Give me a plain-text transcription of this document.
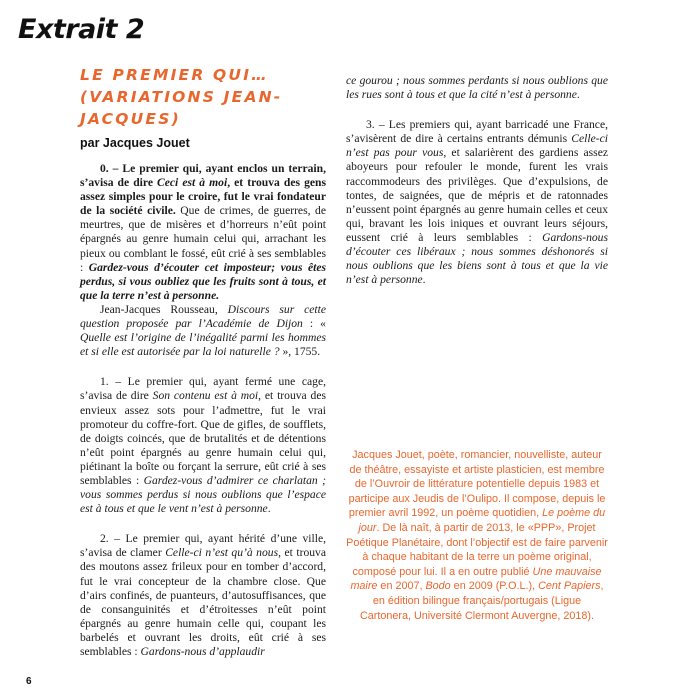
Extrait 2
LE PREMIER QUI…
(VARIATIONS JEAN-JACQUES)
par Jacques Jouet

0. – Le premier qui, ayant enclos un terrain, s’avisa de dire Ceci est à moi, et trouva des gens assez simples pour le croire, fut le vrai fondateur de la société civile. Que de crimes, de guerres, de meurtres, que de misères et d’horreurs n’eût point épargnés au genre humain celui qui, arrachant les pieux ou comblant le fossé, eût crié à ses semblables : Gardez-vous d’écouter cet imposteur; vous êtes perdus, si vous oubliez que les fruits sont à tous, et que la terre n’est à personne.

Jean-Jacques Rousseau, Discours sur cette question proposée par l’Académie de Dijon : « Quelle est l’origine de l’inégalité parmi les hommes et si elle est autorisée par la loi naturelle ? », 1755.

1. – Le premier qui, ayant fermé une cage, s’avisa de dire Son contenu est à moi, et trouva des envieux assez sots pour l’admettre, fut le vrai promoteur du coffre-fort. Que de gifles, de soufflets, de doigts coincés, que de brutalités et de détentions n’eût point épargnés au genre humain celui qui, piétinant la boîte ou forçant la serrure, eût crié à ses semblables : Gardez-vous d’admirer ce charlatan ; vous sommes perdus si nous oublions que l’espace est à tous et que le vent n’est à personne.

2. – Le premier qui, ayant hérité d’une ville, s’avisa de clamer Celle-ci n’est qu’à nous, et trouva des moutons assez frileux pour en tomber d’accord, fut le vrai concepteur de la chambre close. Que d’airs confinés, de puanteurs, d’autosuffisances, que de consanguinités et d’étroitesses n’eût point épargnés au genre humain celle qui, coupant les barbelés et ouvrant les droits, eût crié à ses semblables : Gardons-nous d’applaudir

ce gourou ; nous sommes perdants si nous oublions que les rues sont à tous et que la cité n’est à personne.

3. – Les premiers qui, ayant barricadé une France, s’avisèrent de dire à certains entrants démunis Celle-ci n’est pas pour vous, et salarièrent des gardiens assez aboyeurs pour refouler le monde, furent les vrais raccommodeurs des privilèges. Que d’expulsions, de tontes, de saignées, que de mépris et de ratonnades n’eussent point épargnés au genre humain celles et ceux qui, bravant les lois iniques et ouvrant leurs séjours, eussent crié à leurs semblables : Gardons-nous d’écouter ces libéraux ; nous sommes déshonorés si nous oublions que les biens sont à tous et que la vie n’est à personne.

Jacques Jouet, poète, romancier, nouvelliste, auteur de théâtre, essayiste et artiste plasticien, est membre de l’Ouvroir de littérature potentielle depuis 1983 et participe aux Jeudis de l’Oulipo. Il compose, depuis le premier avril 1992, un poème quotidien, Le poème du jour. De là naît, à partir de 2013, le «PPP», Projet Poétique Planétaire, dont l’objectif est de faire parvenir à chaque habitant de la terre un poème original, composé pour lui. Il a en outre publié Une mauvaise maire en 2007, Bodo en 2009 (P.O.L.), Cent Papiers, en édition bilingue français/portugais (Ligue Cartonera, Université Clermont Auvergne, 2018).
6
